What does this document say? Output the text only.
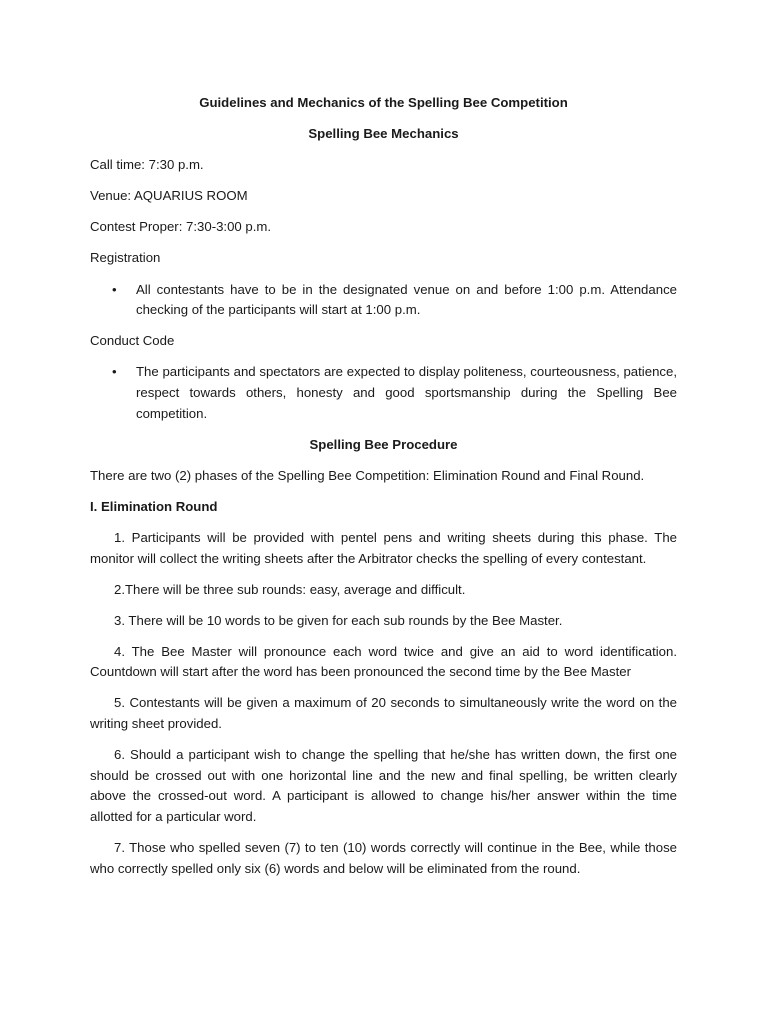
Guidelines and Mechanics of the Spelling Bee Competition
Spelling Bee Mechanics
Call time: 7:30 p.m.
Venue: AQUARIUS ROOM
Contest Proper: 7:30-3:00 p.m.
Registration
•	All contestants have to be in the designated venue on and before 1:00 p.m. Attendance checking of the participants will start at 1:00 p.m.
Conduct Code
•	The participants and spectators are expected to display politeness, courteousness, patience, respect towards others, honesty and good sportsmanship during the Spelling Bee competition.
Spelling Bee Procedure
There are two (2) phases of the Spelling Bee Competition: Elimination Round and Final Round.
I. Elimination Round
1. Participants will be provided with pentel pens and writing sheets during this phase. The monitor will collect the writing sheets after the Arbitrator checks the spelling of every contestant.
2.There will be three sub rounds: easy, average and difficult.
3. There will be 10 words to be given for each sub rounds by the Bee Master.
4. The Bee Master will pronounce each word twice and give an aid to word identification. Countdown will start after the word has been pronounced the second time by the Bee Master
5. Contestants will be given a maximum of 20 seconds to simultaneously write the word on the writing sheet provided.
6. Should a participant wish to change the spelling that he/she has written down, the first one should be crossed out with one horizontal line and the new and final spelling, be written clearly above the crossed-out word. A participant is allowed to change his/her answer within the time allotted for a particular word.
7. Those who spelled seven (7) to ten (10) words correctly will continue in the Bee, while those who correctly spelled only six (6) words and below will be eliminated from the round.
